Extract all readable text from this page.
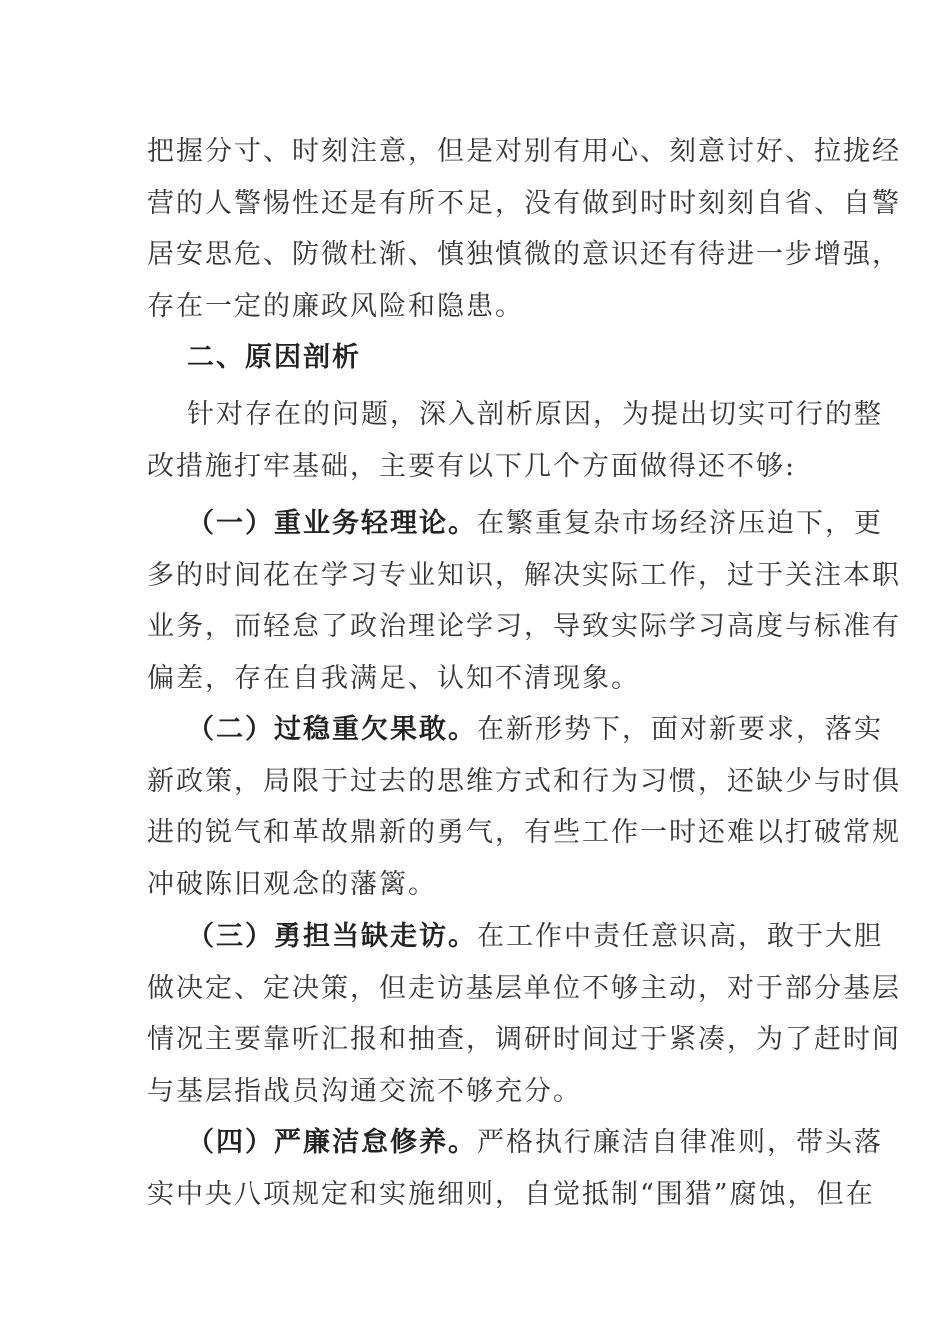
把握分寸、时刻注意，但是对别有用心、刻意讨好、拉拢经
营的人警惕性还是有所不足，没有做到时时刻刻自省、自警
居安思危、防微杜渐、慎独慎微的意识还有待进一步增强，
存在一定的廉政风险和隐患。
二、原因剖析
针对存在的问题，深入剖析原因，为提出切实可行的整
改措施打牢基础，主要有以下几个方面做得还不够:
（一）重业务轻理论。在繁重复杂市场经济压迫下，更
多的时间花在学习专业知识，解决实际工作，过于关注本职
业务，而轻怠了政治理论学习，导致实际学习高度与标准有
偏差，存在自我满足、认知不清现象。
（二）过稳重欠果敢。在新形势下，面对新要求，落实
新政策，局限于过去的思维方式和行为习惯，还缺少与时俱
进的锐气和革故鼎新的勇气，有些工作一时还难以打破常规
冲破陈旧观念的藩篱。
（三）勇担当缺走访。在工作中责任意识高，敢于大胆
做决定、定决策，但走访基层单位不够主动，对于部分基层
情况主要靠听汇报和抽查，调研时间过于紧凑，为了赶时间
与基层指战员沟通交流不够充分。
（四）严廉洁怠修养。严格执行廉洁自律准则，带头落
实中央八项规定和实施细则，自觉抵制“围猎”腐蚀，但在
